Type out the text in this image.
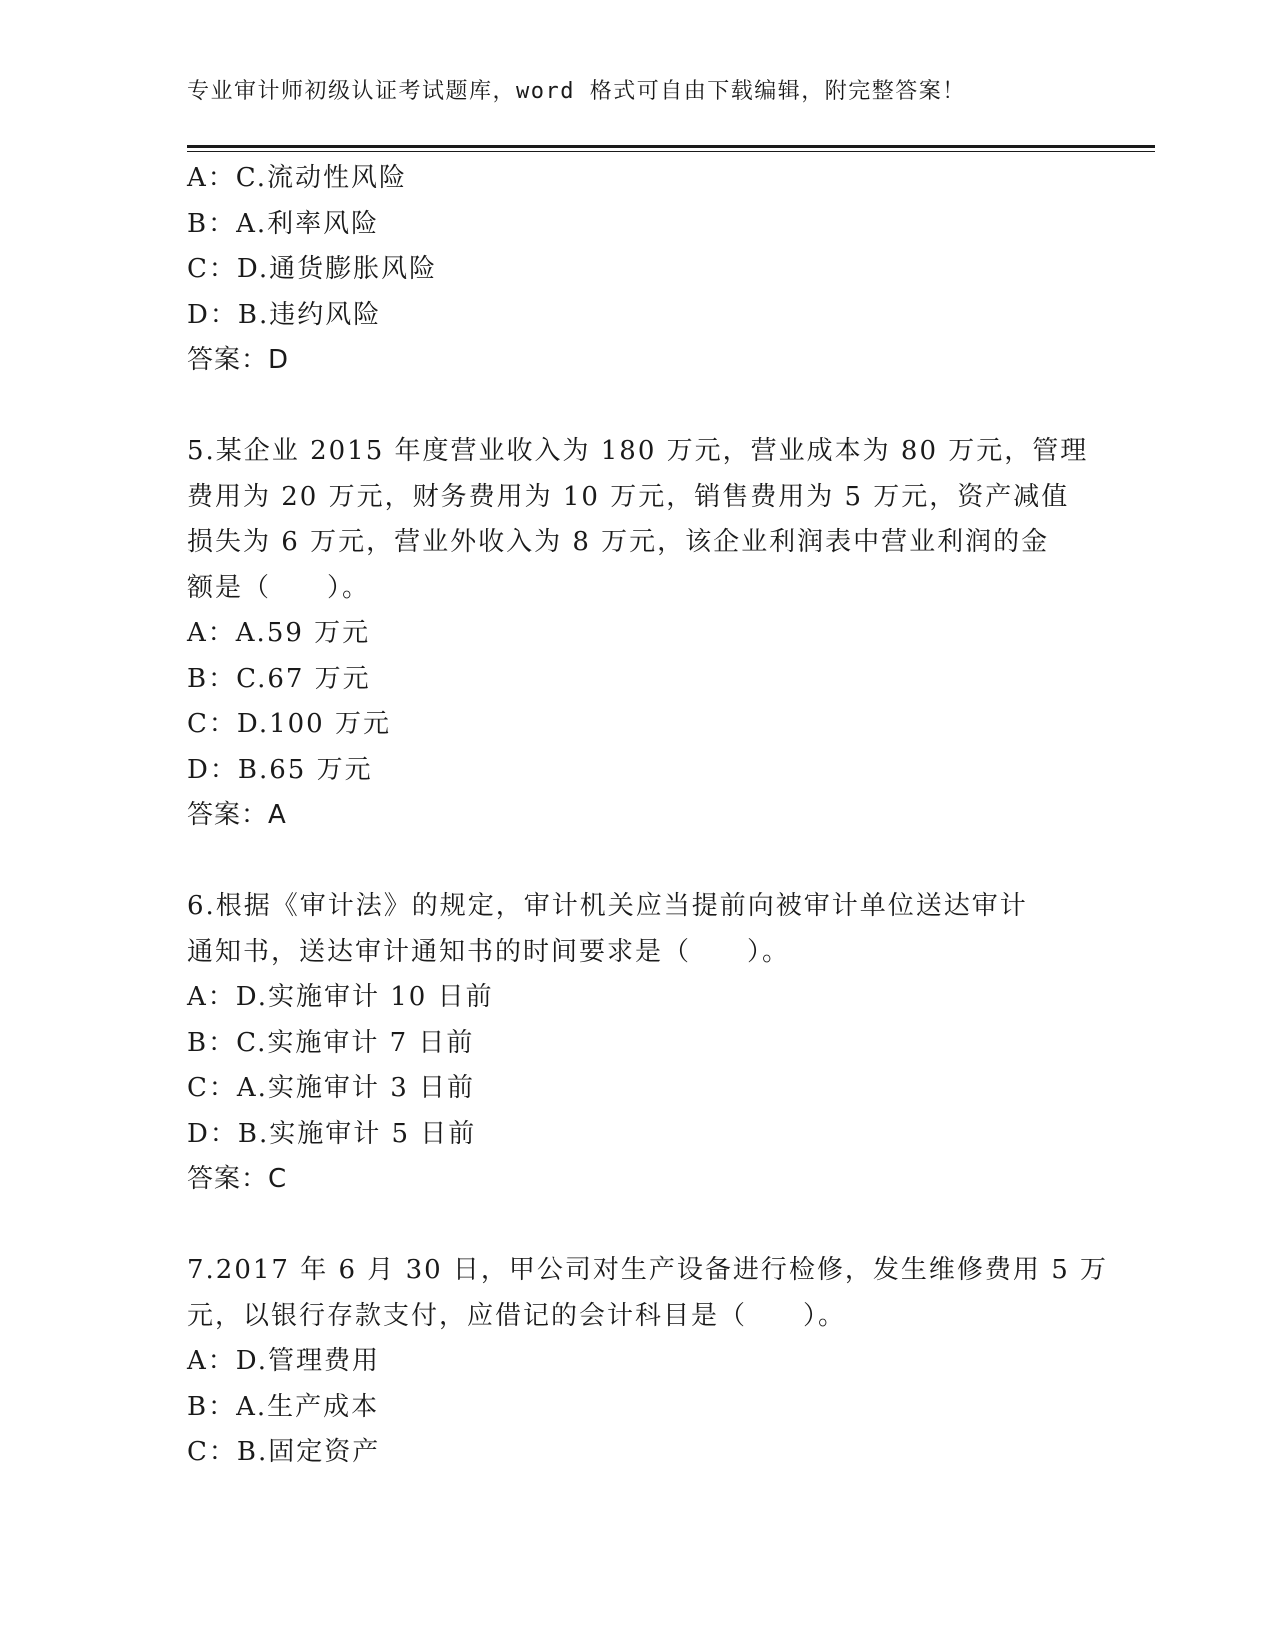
专业审计师初级认证考试题库，word 格式可自由下载编辑，附完整答案！
A：C.流动性风险
B：A.利率风险
C：D.通货膨胀风险
D：B.违约风险
答案：D
5.某企业 2015 年度营业收入为 180 万元，营业成本为 80 万元，管理
费用为 20 万元，财务费用为 10 万元，销售费用为 5 万元，资产减值
损失为 6 万元，营业外收入为 8 万元，该企业利润表中营业利润的金
额是（　　）。
A：A.59 万元
B：C.67 万元
C：D.100 万元
D：B.65 万元
答案：A
6.根据《审计法》的规定，审计机关应当提前向被审计单位送达审计
通知书，送达审计通知书的时间要求是（　　）。
A：D.实施审计 10 日前
B：C.实施审计 7 日前
C：A.实施审计 3 日前
D：B.实施审计 5 日前
答案：C
7.2017 年 6 月 30 日，甲公司对生产设备进行检修，发生维修费用 5 万
元，以银行存款支付，应借记的会计科目是（　　）。
A：D.管理费用
B：A.生产成本
C：B.固定资产
